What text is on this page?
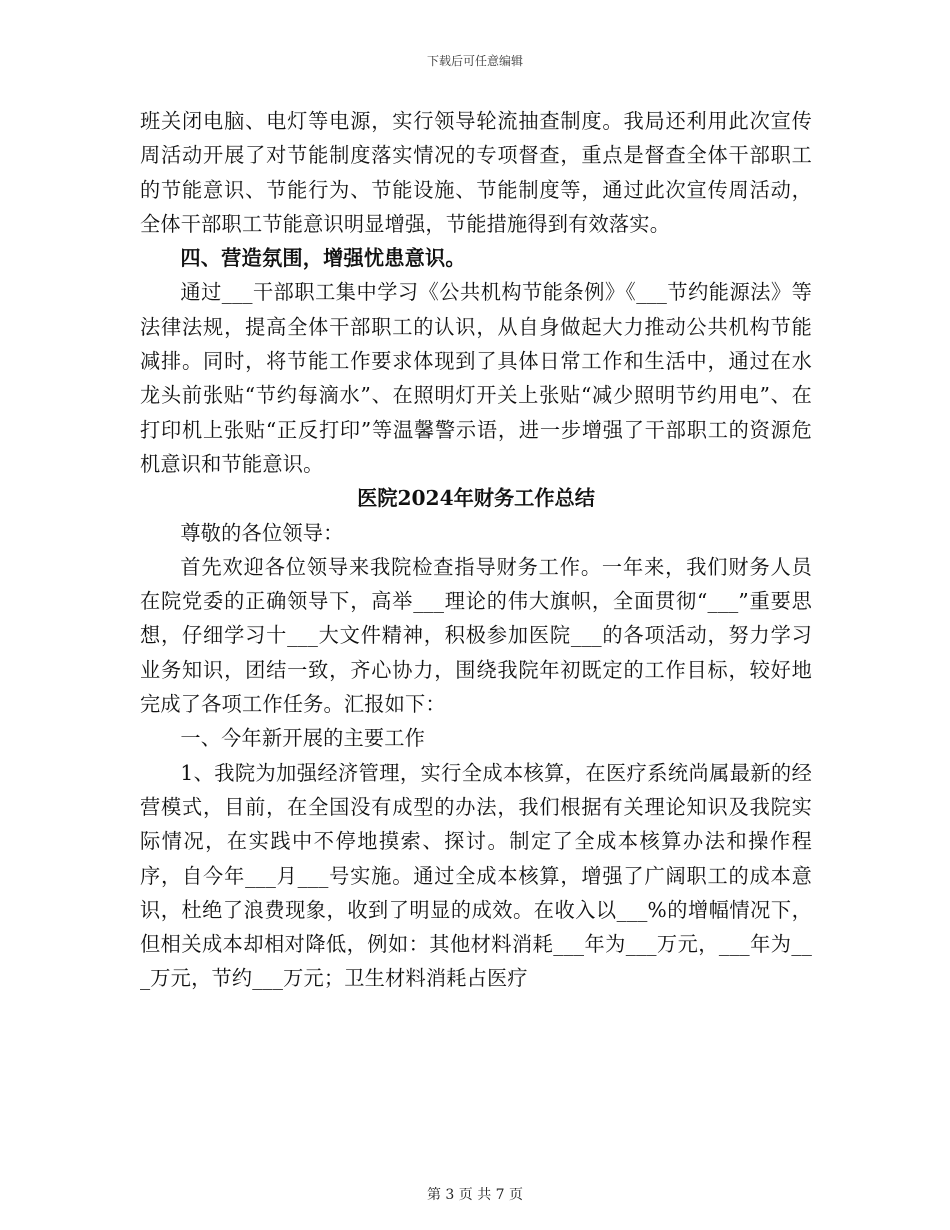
下载后可任意编辑

班关闭电脑、电灯等电源，实行领导轮流抽查制度。我局还利用此次宣传周活动开展了对节能制度落实情况的专项督查，重点是督查全体干部职工的节能意识、节能行为、节能设施、节能制度等，通过此次宣传周活动，全体干部职工节能意识明显增强，节能措施得到有效落实。

四、营造氛围，增强忧患意识。

通过___干部职工集中学习《公共机构节能条例》《___节约能源法》等法律法规，提高全体干部职工的认识，从自身做起大力推动公共机构节能减排。同时，将节能工作要求体现到了具体日常工作和生活中，通过在水龙头前张贴“节约每滴水”、在照明灯开关上张贴“减少照明节约用电”、在打印机上张贴“正反打印”等温馨警示语，进一步增强了干部职工的资源危机意识和节能意识。

医院2024年财务工作总结

尊敬的各位领导：

首先欢迎各位领导来我院检查指导财务工作。一年来，我们财务人员在院党委的正确领导下，高举___理论的伟大旗帜，全面贯彻“___”重要思想，仔细学习十___大文件精神，积极参加医院___的各项活动，努力学习业务知识，团结一致，齐心协力，围绕我院年初既定的工作目标，较好地完成了各项工作任务。汇报如下：

一、今年新开展的主要工作

1、我院为加强经济管理，实行全成本核算，在医疗系统尚属最新的经营模式，目前，在全国没有成型的办法，我们根据有关理论知识及我院实际情况，在实践中不停地摸索、探讨。制定了全成本核算办法和操作程序，自今年___月___号实施。通过全成本核算，增强了广阔职工的成本意识，杜绝了浪费现象，收到了明显的成效。在收入以___%的增幅情况下，但相关成本却相对降低，例如：其他材料消耗___年为___万元，___年为___万元，节约___万元；卫生材料消耗占医疗

第 3 页 共 7 页
